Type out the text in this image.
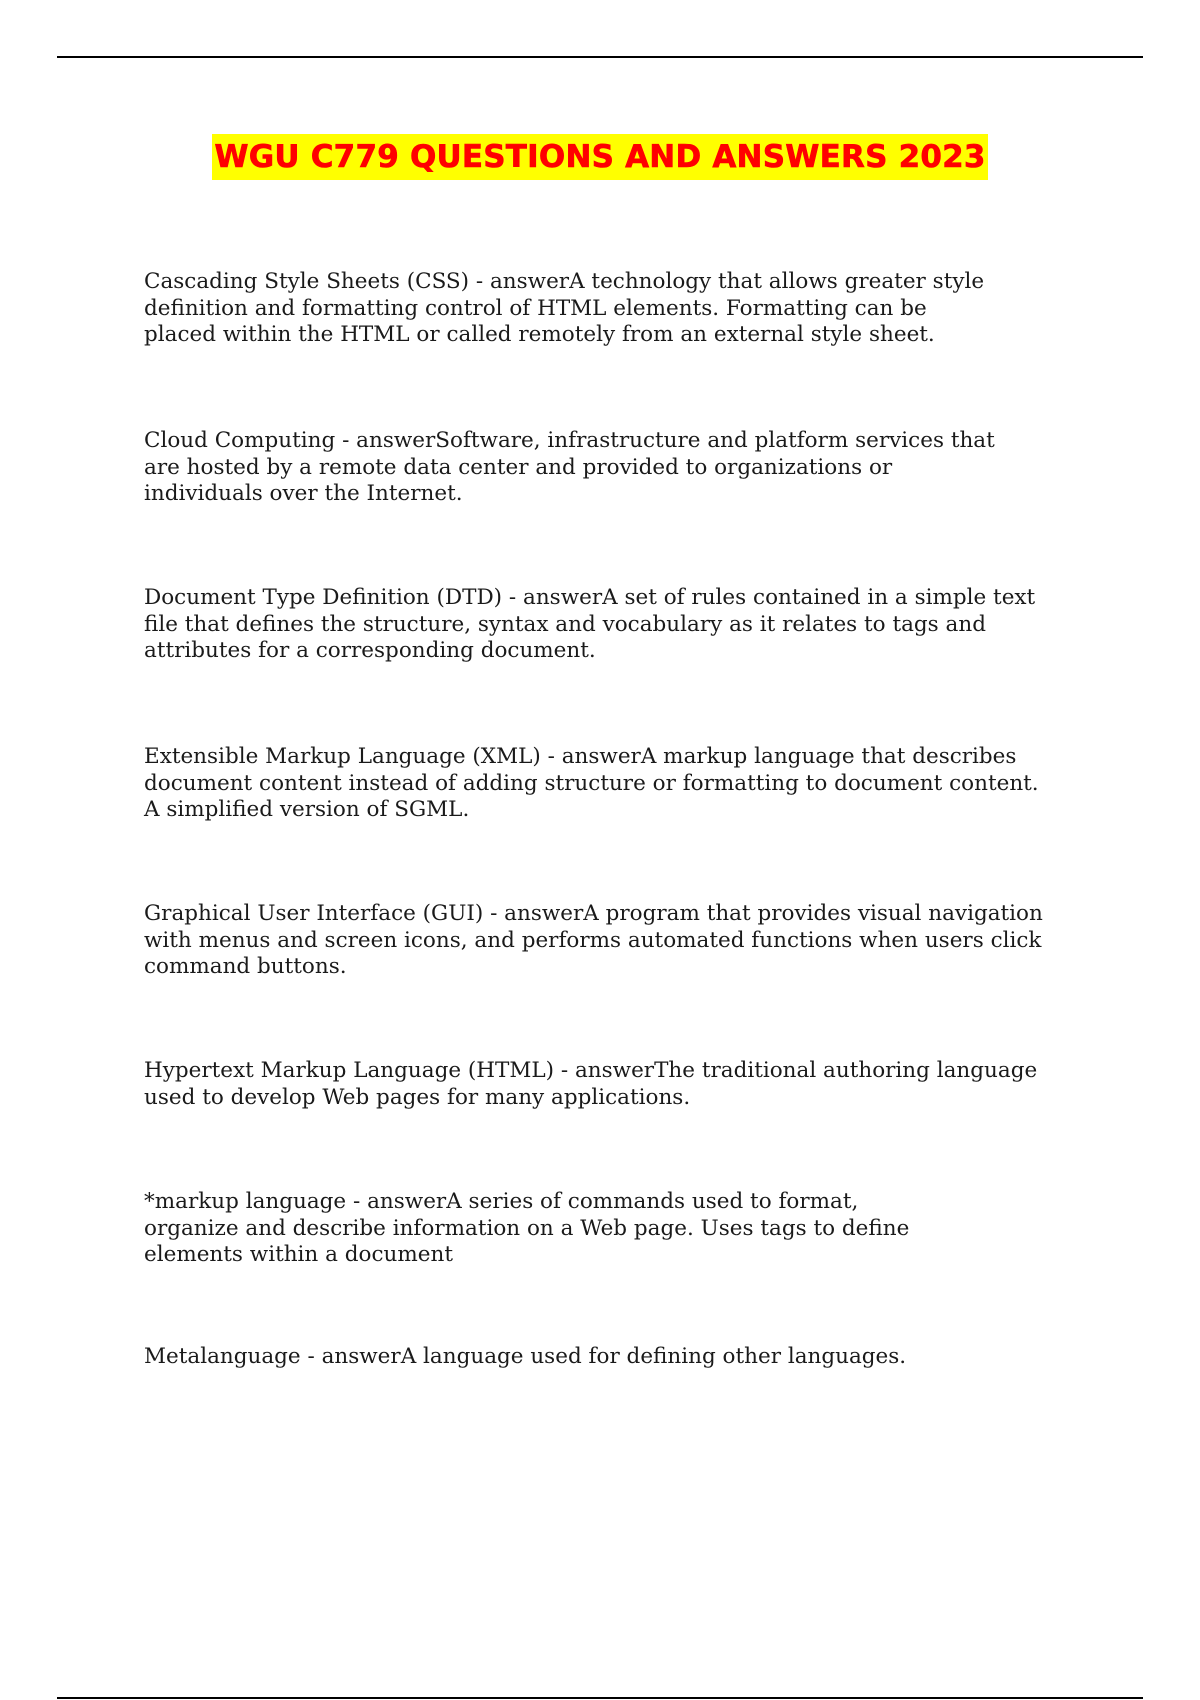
WGU C779 QUESTIONS AND ANSWERS 2023

Cascading Style Sheets (CSS) - answerA technology that allows greater style
definition and formatting control of HTML elements. Formatting can be
placed within the HTML or called remotely from an external style sheet.

Cloud Computing - answerSoftware, infrastructure and platform services that
are hosted by a remote data center and provided to organizations or
individuals over the Internet.

Document Type Definition (DTD) - answerA set of rules contained in a simple text
file that defines the structure, syntax and vocabulary as it relates to tags and
attributes for a corresponding document.

Extensible Markup Language (XML) - answerA markup language that describes
document content instead of adding structure or formatting to document content.
A simplified version of SGML.

Graphical User Interface (GUI) - answerA program that provides visual navigation
with menus and screen icons, and performs automated functions when users click
command buttons.

Hypertext Markup Language (HTML) - answerThe traditional authoring language
used to develop Web pages for many applications.

*markup language - answerA series of commands used to format,
organize and describe information on a Web page. Uses tags to define
elements within a document

Metalanguage - answerA language used for defining other languages.
